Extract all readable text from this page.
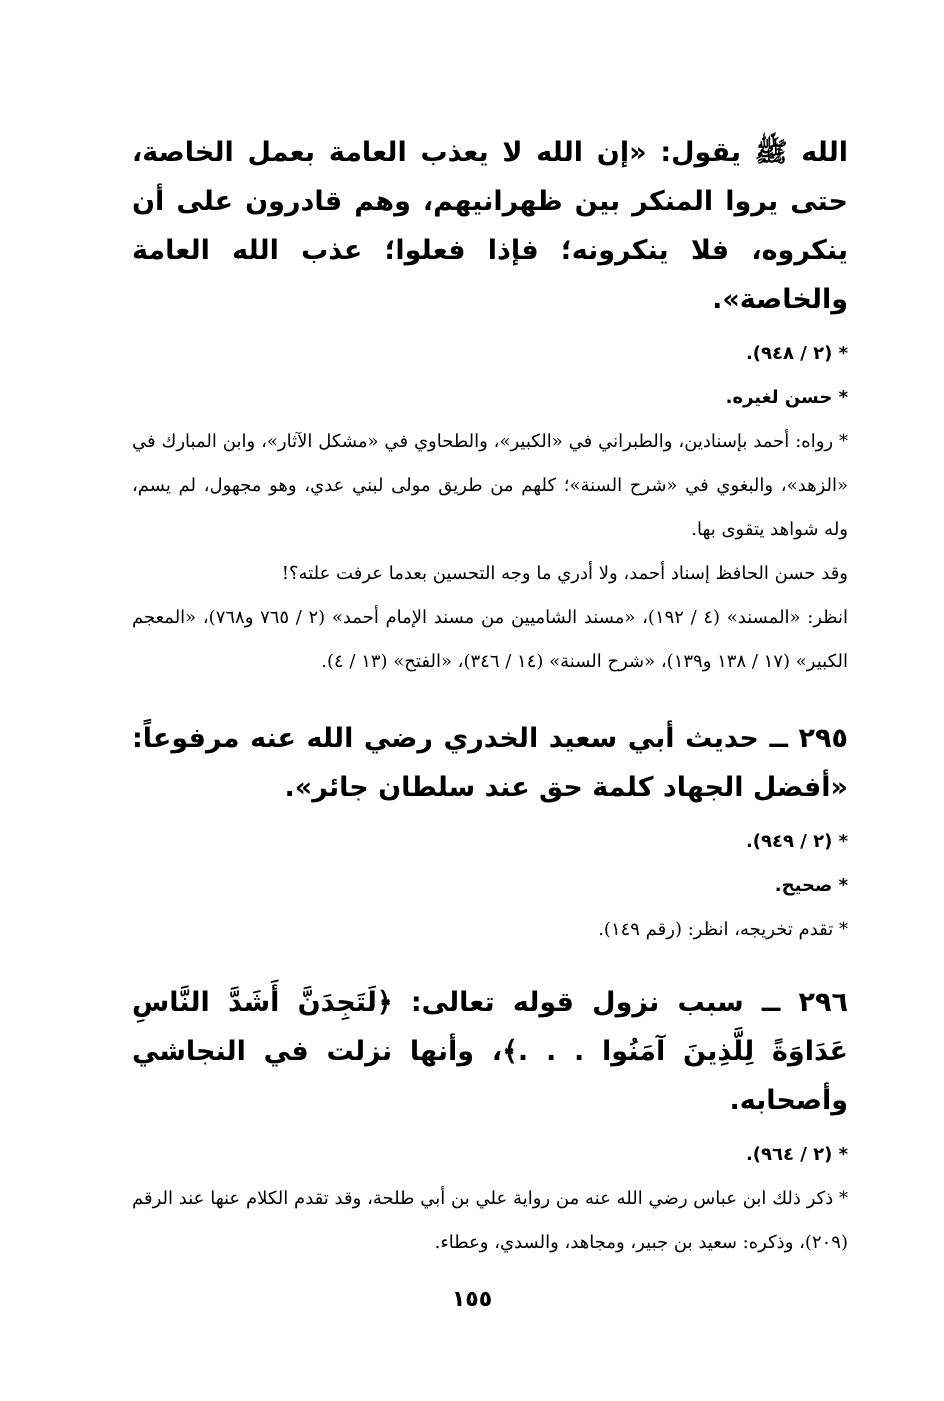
الله ﷺ يقول: «إن الله لا يعذب العامة بعمل الخاصة، حتى يروا المنكر بين ظهرانيهم، وهم قادرون على أن ينكروه، فلا ينكرونه؛ فإذا فعلوا؛ عذب الله العامة والخاصة».

* (٢ / ٩٤٨).

* حسن لغيره.

* رواه: أحمد بإسنادين، والطبراني في «الكبير»، والطحاوي في «مشكل الآثار»، وابن المبارك في «الزهد»، والبغوي في «شرح السنة»؛ كلهم من طريق مولى لبني عدي، وهو مجهول، لم يسم، وله شواهد يتقوى بها.

وقد حسن الحافظ إسناد أحمد، ولا أدري ما وجه التحسين بعدما عرفت علته؟!

انظر: «المسند» (٤ / ١٩٢)، «مسند الشاميين من مسند الإمام أحمد» (٢ / ٧٦٥ و٧٦٨)، «المعجم الكبير» (١٧ / ١٣٨ و١٣٩)، «شرح السنة» (١٤ / ٣٤٦)، «الفتح» (١٣ / ٤).

٢٩٥ ــ حديث أبي سعيد الخدري رضي الله عنه مرفوعاً: «أفضل الجهاد كلمة حق عند سلطان جائر».

* (٢ / ٩٤٩).

* صحيح.

* تقدم تخريجه، انظر: (رقم ١٤٩).

٢٩٦ ــ سبب نزول قوله تعالى: ﴿لَتَجِدَنَّ أَشَدَّ النَّاسِ عَدَاوَةً لِلَّذِينَ آمَنُوا . . .﴾، وأنها نزلت في النجاشي وأصحابه.

* (٢ / ٩٦٤).

* ذكر ذلك ابن عباس رضي الله عنه من رواية علي بن أبي طلحة، وقد تقدم الكلام عنها عند الرقم (٢٠٩)، وذكره: سعيد بن جبير، ومجاهد، والسدي، وعطاء.

١٥٥
